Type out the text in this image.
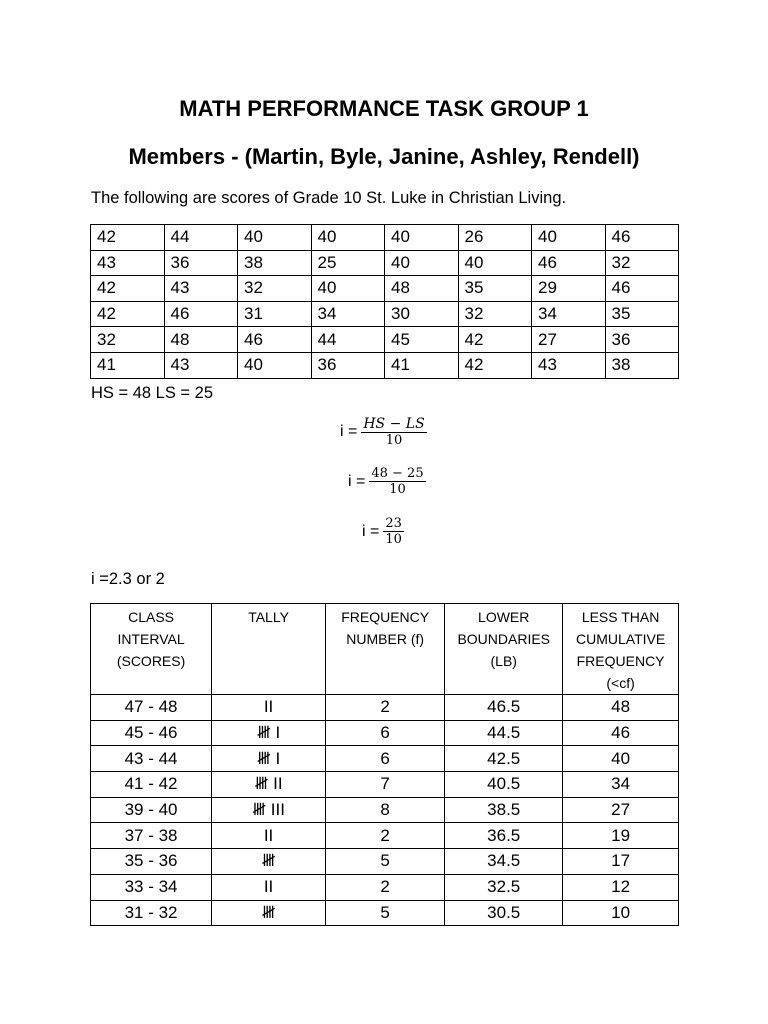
MATH PERFORMANCE TASK GROUP 1
Members - (Martin, Byle, Janine, Ashley, Rendell)
The following are scores of Grade 10 St. Luke in Christian Living.
42	44	40	40	40	26	40	46
43	36	38	25	40	40	46	32
42	43	32	40	48	35	29	46
42	46	31	34	30	32	34	35
32	48	46	44	45	42	27	36
41	43	40	36	41	42	43	38
HS = 48 LS = 25
$i = \frac{HS - LS}{10}$
$i = \frac{48 - 25}{10}$
$i = \frac{23}{10}$
i =2.3 or 2
CLASS INTERVAL (SCORES)	TALLY	FREQUENCY NUMBER (f)	LOWER BOUNDARIES (LB)	LESS THAN CUMULATIVE FREQUENCY (<cf)
47 - 48	II	2	46.5	48
45 - 46	𝍸 I	6	44.5	46
43 - 44	𝍸 I	6	42.5	40
41 - 42	𝍸 II	7	40.5	34
39 - 40	𝍸 III	8	38.5	27
37 - 38	II	2	36.5	19
35 - 36	𝍸	5	34.5	17
33 - 34	II	2	32.5	12
31 - 32	𝍸	5	30.5	10
